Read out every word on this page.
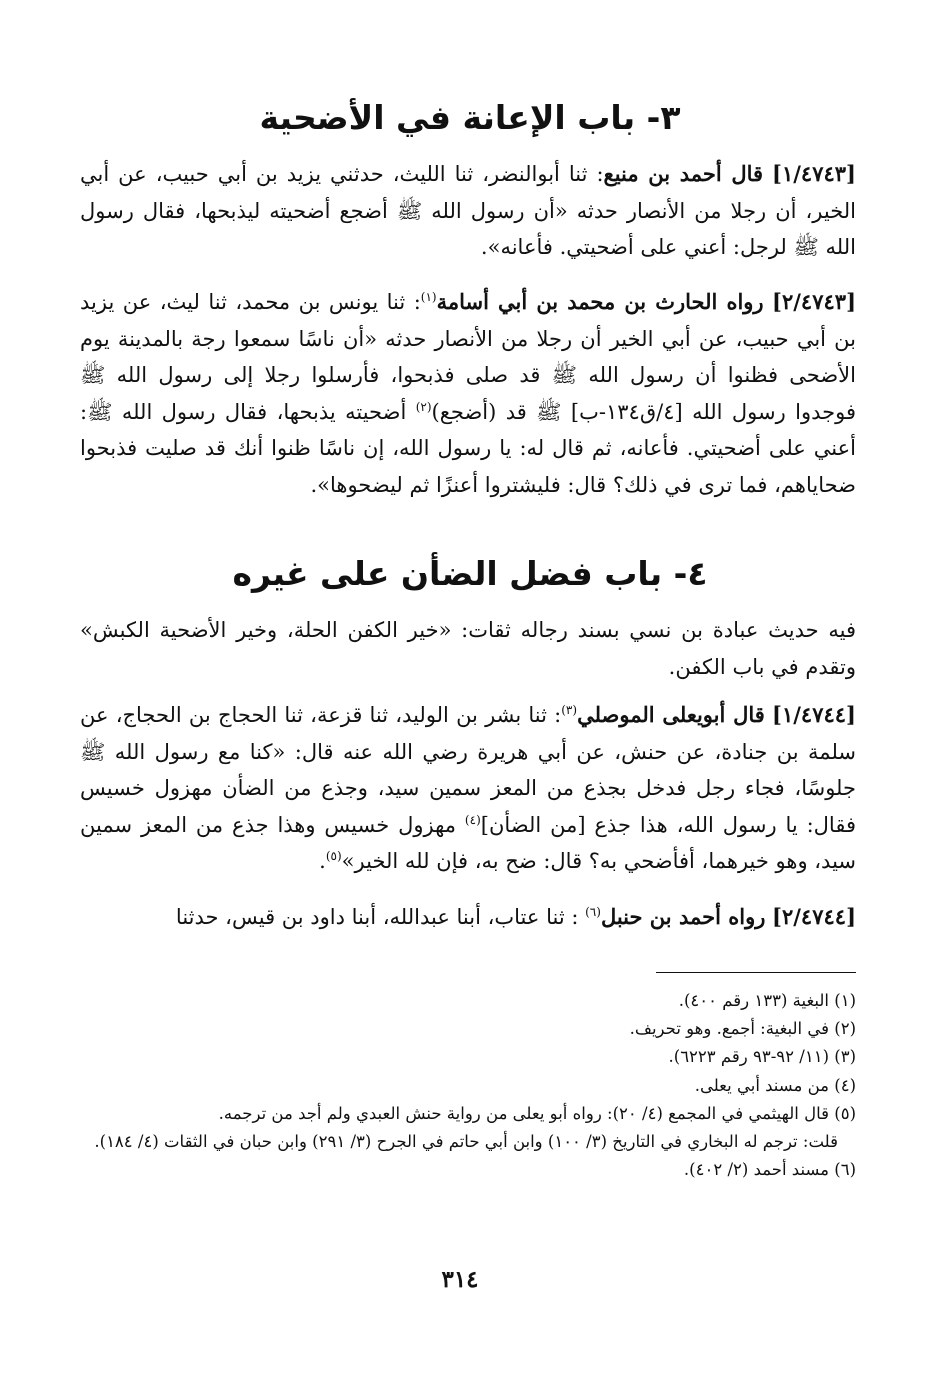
٣- باب الإعانة في الأضحية

[١/٤٧٤٣] قال أحمد بن منيع: ثنا أبوالنضر، ثنا الليث، حدثني يزيد بن أبي حبيب، عن أبي الخير، أن رجلا من الأنصار حدثه «أن رسول الله ﷺ أضجع أضحيته ليذبحها، فقال رسول الله ﷺ لرجل: أعني على أضحيتي. فأعانه».

[٢/٤٧٤٣] رواه الحارث بن محمد بن أبي أسامة$^{(١)}$: ثنا يونس بن محمد، ثنا ليث، عن يزيد بن أبي حبيب، عن أبي الخير أن رجلا من الأنصار حدثه «أن ناسًا سمعوا رجة بالمدينة يوم الأضحى فظنوا أن رسول الله ﷺ قد صلى فذبحوا، فأرسلوا رجلا إلى رسول الله ﷺ فوجدوا رسول الله [٤/ق١٣٤-ب] ﷺ قد (أضجع)$^{(٢)}$ أضحيته يذبحها، فقال رسول الله ﷺ: أعني على أضحيتي. فأعانه، ثم قال له: يا رسول الله، إن ناسًا ظنوا أنك قد صليت فذبحوا ضحاياهم، فما ترى في ذلك؟ قال: فليشتروا أعنزًا ثم ليضحوها».

٤- باب فضل الضأن على غيره

فيه حديث عبادة بن نسي بسند رجاله ثقات: «خير الكفن الحلة، وخير الأضحية الكبش» وتقدم في باب الكفن.

[١/٤٧٤٤] قال أبويعلى الموصلي$^{(٣)}$: ثنا بشر بن الوليد، ثنا قزعة، ثنا الحجاج بن الحجاج، عن سلمة بن جنادة، عن حنش، عن أبي هريرة رضي الله عنه قال: «كنا مع رسول الله ﷺ جلوسًا، فجاء رجل فدخل بجذع من المعز سمين سيد، وجذع من الضأن مهزول خسيس فقال: يا رسول الله، هذا جذع [من الضأن]$^{(٤)}$ مهزول خسيس وهذا جذع من المعز سمين سيد، وهو خيرهما، أفأضحي به؟ قال: ضح به، فإن لله الخير»$^{(٥)}$.

[٢/٤٧٤٤] رواه أحمد بن حنبل$^{(٦)}$ : ثنا عتاب، أبنا عبدالله، أبنا داود بن قيس، حدثنا

(١) البغية (١٣٣ رقم ٤٠٠).
(٢) في البغية: أجمع. وهو تحريف.
(٣) (١١/ ٩٢-٩٣ رقم ٦٢٢٣).
(٤) من مسند أبي يعلى.
(٥) قال الهيثمي في المجمع (٤/ ٢٠): رواه أبو يعلى من رواية حنش العبدي ولم أجد من ترجمه.
قلت: ترجم له البخاري في التاريخ (٣/ ١٠٠) وابن أبي حاتم في الجرح (٣/ ٢٩١) وابن حبان في الثقات (٤/ ١٨٤).
(٦) مسند أحمد (٢/ ٤٠٢).
٣١٤
